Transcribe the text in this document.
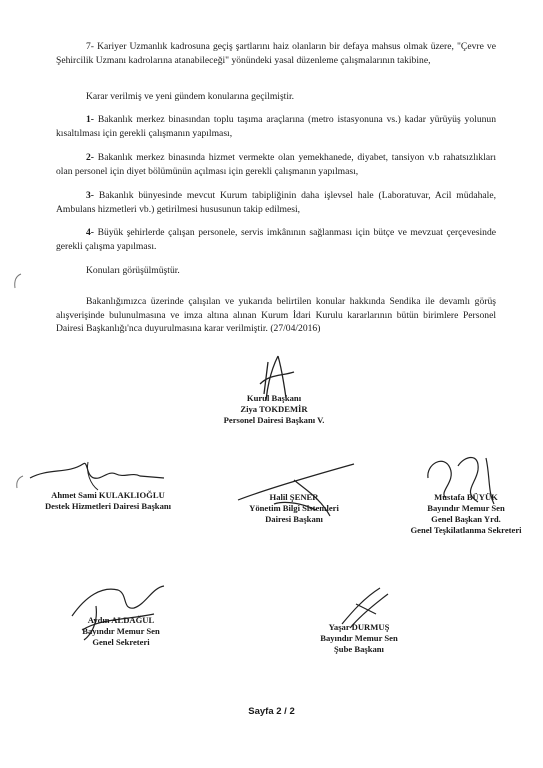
7- Kariyer Uzmanlık kadrosuna geçiş şartlarını haiz olanların bir defaya mahsus olmak üzere, "Çevre ve Şehircilik Uzmanı kadrolarına atanabileceği" yönündeki yasal düzenleme çalışmalarının takibine,
Karar verilmiş ve yeni gündem konularına geçilmiştir.
1- Bakanlık merkez binasından toplu taşıma araçlarına (metro istasyonuna vs.) kadar yürüyüş yolunun kısaltılması için gerekli çalışmanın yapılması,
2- Bakanlık merkez binasında hizmet vermekte olan yemekhanede, diyabet, tansiyon v.b rahatsızlıkları olan personel için diyet bölümünün açılması için gerekli çalışmanın yapılması,
3- Bakanlık bünyesinde mevcut Kurum tabipliğinin daha işlevsel hale (Laboratuvar, Acil müdahale, Ambulans hizmetleri vb.) getirilmesi hususunun takip edilmesi,
4- Büyük şehirlerde çalışan personele, servis imkânının sağlanması için bütçe ve mevzuat çerçevesinde gerekli çalışma yapılması.
Konuları görüşülmüştür.
Bakanlığımızca üzerinde çalışılan ve yukarıda belirtilen konular hakkında Sendika ile devamlı görüş alışverişinde bulunulmasına ve imza altına alınan Kurum İdari Kurulu kararlarının bütün birimlere Personel Dairesi Başkanlığı'nca duyurulmasına karar verilmiştir. (27/04/2016)
Kurul Başkanı
Ziya TOKDEMİR
Personel Dairesi Başkanı V.
Ahmet Sami KULAKLIOĞLU
Destek Hizmetleri Dairesi Başkanı
Halil ŞENER
Yönetim Bilgi Sistemleri
Dairesi Başkanı
Mustafa BÜYÜK
Bayındır Memur Sen
Genel Başkan Yrd.
Genel Teşkilatlanma Sekreteri
Aydın ALDAĞUL
Bayındır Memur Sen
Genel Sekreteri
Yaşar DURMUŞ
Bayındır Memur Sen
Şube Başkanı
Sayfa 2 / 2
